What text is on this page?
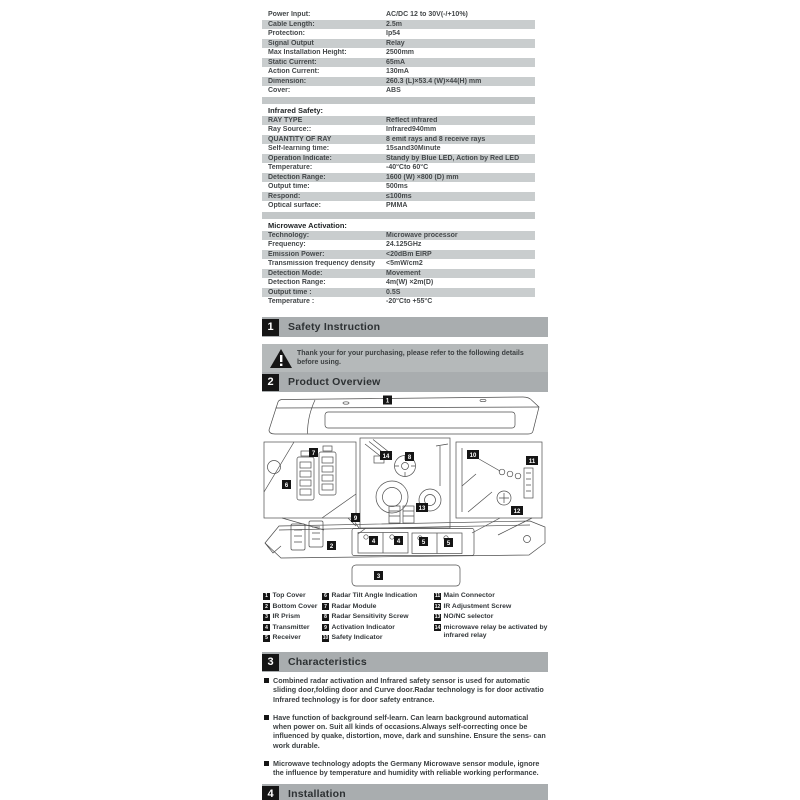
Power Input:	AC/DC 12 to 30V(-/+10%)
Cable Length:	2.5m
Protection:	Ip54
Signal Output	Relay
Max Installation Height:	2500mm
Static Current:	65mA
Action Current:	130mA
Dimension:	260.3 (L)×53.4 (W)×44(H) mm
Cover:	ABS
Infrared Safety:
RAY TYPE	Reflect infrared
Ray Source::	Infrared940mm
QUANTITY OF RAY	8 emit rays and 8 receive rays
Self-learning time:	15sand30Minute
Operation Indicate:	Standy by Blue LED, Action by Red LED
Temperature:	-40°Cto 60°C
Detection Range:	1600 (W) ×800 (D) mm
Output time:	500ms
Respond:	≤100ms
Optical surface:	PMMA
Microwave Activation:
Technology:	Microwave processor
Frequency:	24.125GHz
Emission Power:	<20dBm EIRP
Transmission frequency density	<5mW/cm2
Detection Mode:	Movement
Detection Range:	4m(W) ×2m(D)
Output time :	0.5S
Temperature :	-20°Cto +55°C
1	Safety Instruction
Thank your for your purchasing, please refer to the following details before using.
2	Product Overview
1
6
7	14	8
13
10
11
12
9
2
4	4	5	5
3
1 Top Cover
2 Bottom Cover
3 IR Prism
4 Transmitter
5 Receiver
6 Radar Tilt Angle Indication
7 Radar Module
8 Radar Sensitivity Screw
9 Activation Indicator
10 Safety Indicator
11 Main Connector
12 IR Adjustment Screw
13 NO/NC selector
14 microwave relay be activated by infrared relay
3	Characteristics
Combined radar activation and Infrared safety sensor is used for automatic sliding door,folding door and Curve door.Radar technology is for door activatio Infrared technology is for door safety entrance.
Have function of background self-learn. Can learn background automatical when power on. Suit all kinds of occasions.Always self-correcting once be influenced by quake, distortion, move, dark and sunshine. Ensure the sens- can work durable.
Microwave technology adopts the Germany Microwave sensor module, ignore the influence by temperature and humidity with reliable working performance.
4	Installation
